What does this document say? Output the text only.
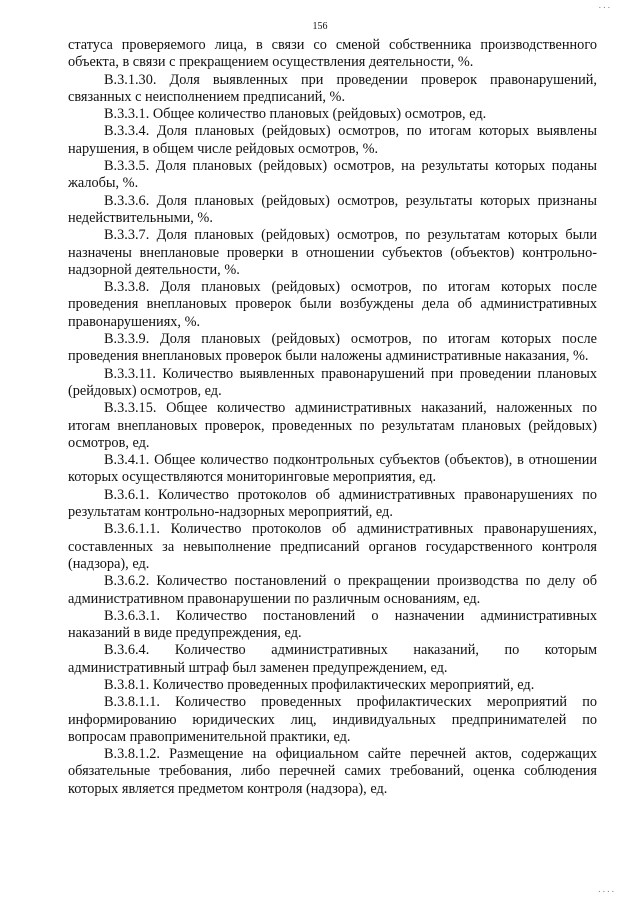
. . .
156

статуса проверяемого лица, в связи со сменой собственника производственного объекта, в связи с прекращением осуществления деятельности, %.

В.3.1.30. Доля выявленных при проведении проверок правонарушений, связанных с неисполнением предписаний, %.

В.3.3.1. Общее количество плановых (рейдовых) осмотров, ед.

В.3.3.4. Доля плановых (рейдовых) осмотров, по итогам которых выявлены нарушения, в общем числе рейдовых осмотров, %.

В.3.3.5. Доля плановых (рейдовых) осмотров, на результаты которых поданы жалобы, %.

В.3.3.6. Доля плановых (рейдовых) осмотров, результаты которых признаны недействительными, %.

В.3.3.7. Доля плановых (рейдовых) осмотров, по результатам которых были назначены внеплановые проверки в отношении субъектов (объектов) контрольно-надзорной деятельности, %.

В.3.3.8. Доля плановых (рейдовых) осмотров, по итогам которых после проведения внеплановых проверок были возбуждены дела об административных правонарушениях, %.

В.3.3.9. Доля плановых (рейдовых) осмотров, по итогам которых после проведения внеплановых проверок были наложены административные наказания, %.

В.3.3.11. Количество выявленных правонарушений при проведении плановых (рейдовых) осмотров, ед.

В.3.3.15. Общее количество административных наказаний, наложенных по итогам внеплановых проверок, проведенных по результатам плановых (рейдовых) осмотров, ед.

В.3.4.1. Общее количество подконтрольных субъектов (объектов), в отношении которых осуществляются мониторинговые мероприятия, ед.

В.3.6.1. Количество протоколов об административных правонарушениях по результатам контрольно-надзорных мероприятий, ед.

В.3.6.1.1. Количество протоколов об административных правонарушениях, составленных за невыполнение предписаний органов государственного контроля (надзора), ед.

В.3.6.2. Количество постановлений о прекращении производства по делу об административном правонарушении по различным основаниям, ед.

В.3.6.3.1. Количество постановлений о назначении административных наказаний в виде предупреждения, ед.

В.3.6.4. Количество административных наказаний, по которым административный штраф был заменен предупреждением, ед.

В.3.8.1. Количество проведенных профилактических мероприятий, ед.

В.3.8.1.1. Количество проведенных профилактических мероприятий по информированию юридических лиц, индивидуальных предпринимателей по вопросам правоприменительной практики, ед.

В.3.8.1.2. Размещение на официальном сайте перечней актов, содержащих обязательные требования, либо перечней самих требований, оценка соблюдения которых является предметом контроля (надзора), ед.

. . . .
